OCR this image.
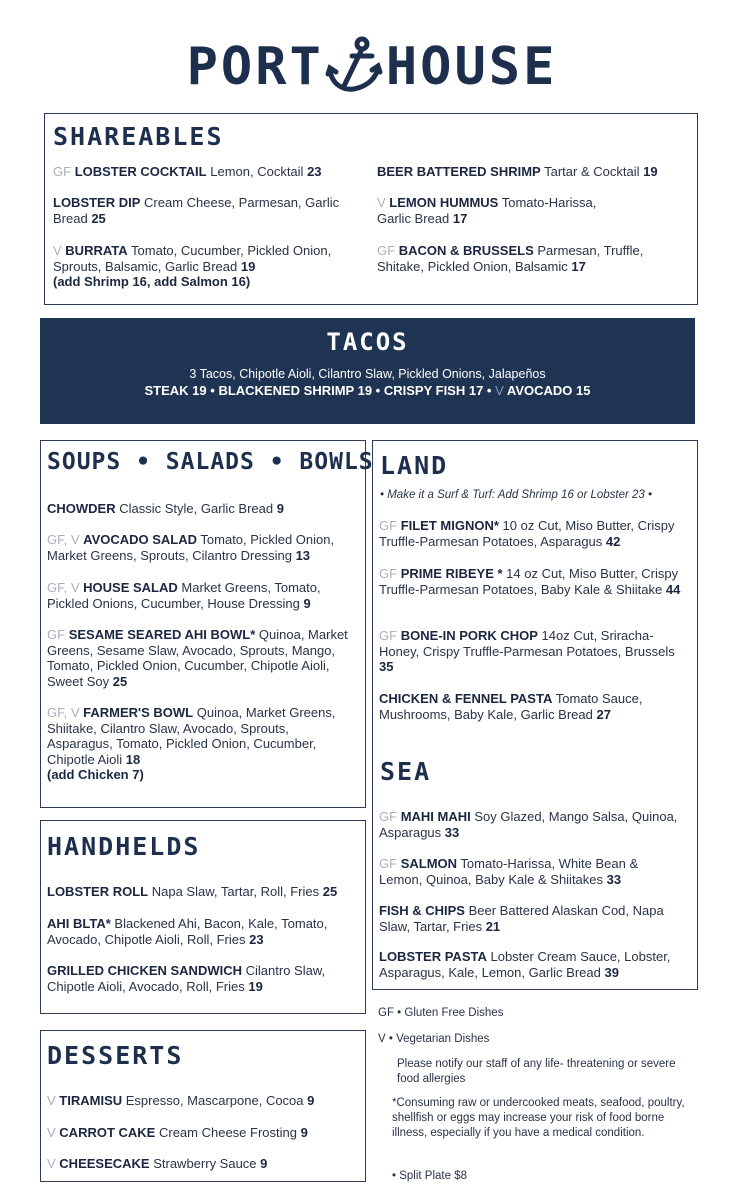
PORT HOUSE
SHAREABLES
GF LOBSTER COCKTAIL Lemon, Cocktail 23	BEER BATTERED SHRIMP Tartar & Cocktail 19
LOBSTER DIP Cream Cheese, Parmesan, Garlic Bread 25
V LEMON HUMMUS Tomato-Harissa, Garlic Bread 17
V BURRATA Tomato, Cucumber, Pickled Onion, Sprouts, Balsamic, Garlic Bread 19
(add Shrimp 16, add Salmon 16)
GF BACON & BRUSSELS Parmesan, Truffle, Shitake, Pickled Onion, Balsamic 17
TACOS
3 Tacos, Chipotle Aioli, Cilantro Slaw, Pickled Onions, Jalapeños
STEAK 19 • BLACKENED SHRIMP 19 • CRISPY FISH 17 • V AVOCADO 15
SOUPS • SALADS • BOWLS
CHOWDER Classic Style, Garlic Bread 9
GF, V AVOCADO SALAD Tomato, Pickled Onion, Market Greens, Sprouts, Cilantro Dressing 13
GF, V HOUSE SALAD Market Greens, Tomato, Pickled Onions, Cucumber, House Dressing 9
GF SESAME SEARED AHI BOWL* Quinoa, Market Greens, Sesame Slaw, Avocado, Sprouts, Mango, Tomato, Pickled Onion, Cucumber, Chipotle Aioli, Sweet Soy 25
GF, V FARMER'S BOWL Quinoa, Market Greens, Shiitake, Cilantro Slaw, Avocado, Sprouts, Asparagus, Tomato, Pickled Onion, Cucumber, Chipotle Aioli 18
(add Chicken 7)
LAND
• Make it a Surf & Turf: Add Shrimp 16 or Lobster 23 •
GF FILET MIGNON* 10 oz Cut, Miso Butter, Crispy Truffle-Parmesan Potatoes, Asparagus 42
GF PRIME RIBEYE * 14 oz Cut, Miso Butter, Crispy Truffle-Parmesan Potatoes, Baby Kale & Shiitake 44
GF BONE-IN PORK CHOP 14oz Cut, Sriracha-Honey, Crispy Truffle-Parmesan Potatoes, Brussels 35
CHICKEN & FENNEL PASTA Tomato Sauce, Mushrooms, Baby Kale, Garlic Bread 27
SEA
GF MAHI MAHI Soy Glazed, Mango Salsa, Quinoa, Asparagus 33
GF SALMON Tomato-Harissa, White Bean & Lemon, Quinoa, Baby Kale & Shiitakes 33
FISH & CHIPS Beer Battered Alaskan Cod, Napa Slaw, Tartar, Fries 21
LOBSTER PASTA Lobster Cream Sauce, Lobster, Asparagus, Kale, Lemon, Garlic Bread 39
HANDHELDS
LOBSTER ROLL Napa Slaw, Tartar, Roll, Fries 25
AHI BLTA* Blackened Ahi, Bacon, Kale, Tomato, Avocado, Chipotle Aioli, Roll, Fries 23
GRILLED CHICKEN SANDWICH Cilantro Slaw, Chipotle Aioli, Avocado, Roll, Fries 19
DESSERTS
V TIRAMISU Espresso, Mascarpone, Cocoa 9
V CARROT CAKE Cream Cheese Frosting 9
V CHEESECAKE Strawberry Sauce 9
GF • Gluten Free Dishes
V • Vegetarian Dishes
Please notify our staff of any life- threatening or severe food allergies
*Consuming raw or undercooked meats, seafood, poultry, shellfish or eggs may increase your risk of food borne illness, especially if you have a medical condition.
• Split Plate $8
